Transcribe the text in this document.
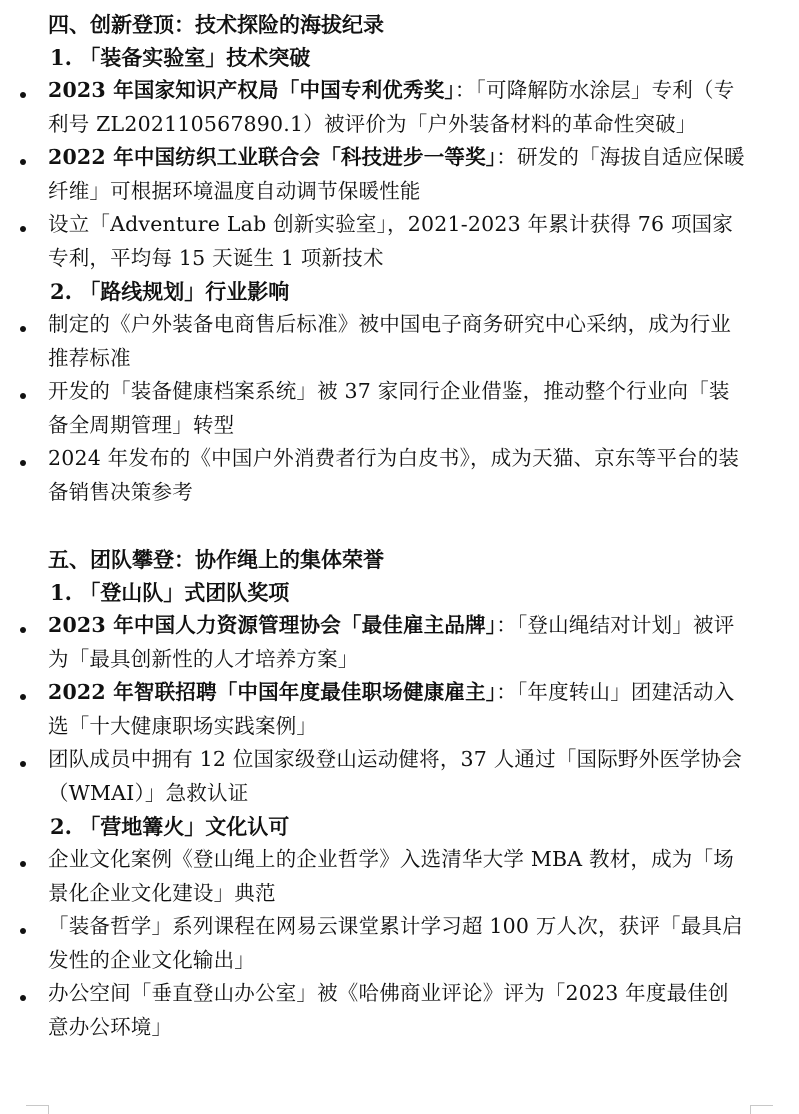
四、创新登顶：技术探险的海拔纪录
1. 「装备实验室」技术突破
2023 年国家知识产权局「中国专利优秀奖」：「可降解防水涂层」专利（专利号 ZL202110567890.1）被评价为「户外装备材料的革命性突破」
2022 年中国纺织工业联合会「科技进步一等奖」：研发的「海拔自适应保暖纤维」可根据环境温度自动调节保暖性能
设立「Adventure Lab 创新实验室」，2021-2023 年累计获得 76 项国家专利，平均每 15 天诞生 1 项新技术
2. 「路线规划」行业影响
制定的《户外装备电商售后标准》被中国电子商务研究中心采纳，成为行业推荐标准
开发的「装备健康档案系统」被 37 家同行企业借鉴，推动整个行业向「装备全周期管理」转型
2024 年发布的《中国户外消费者行为白皮书》，成为天猫、京东等平台的装备销售决策参考
五、团队攀登：协作绳上的集体荣誉
1. 「登山队」式团队奖项
2023 年中国人力资源管理协会「最佳雇主品牌」：「登山绳结对计划」被评为「最具创新性的人才培养方案」
2022 年智联招聘「中国年度最佳职场健康雇主」：「年度转山」团建活动入选「十大健康职场实践案例」
团队成员中拥有 12 位国家级登山运动健将，37 人通过「国际野外医学协会（WMAI）」急救认证
2. 「营地篝火」文化认可
企业文化案例《登山绳上的企业哲学》入选清华大学 MBA 教材，成为「场景化企业文化建设」典范
「装备哲学」系列课程在网易云课堂累计学习超 100 万人次，获评「最具启发性的企业文化输出」
办公空间「垂直登山办公室」被《哈佛商业评论》评为「2023 年度最佳创意办公环境」
